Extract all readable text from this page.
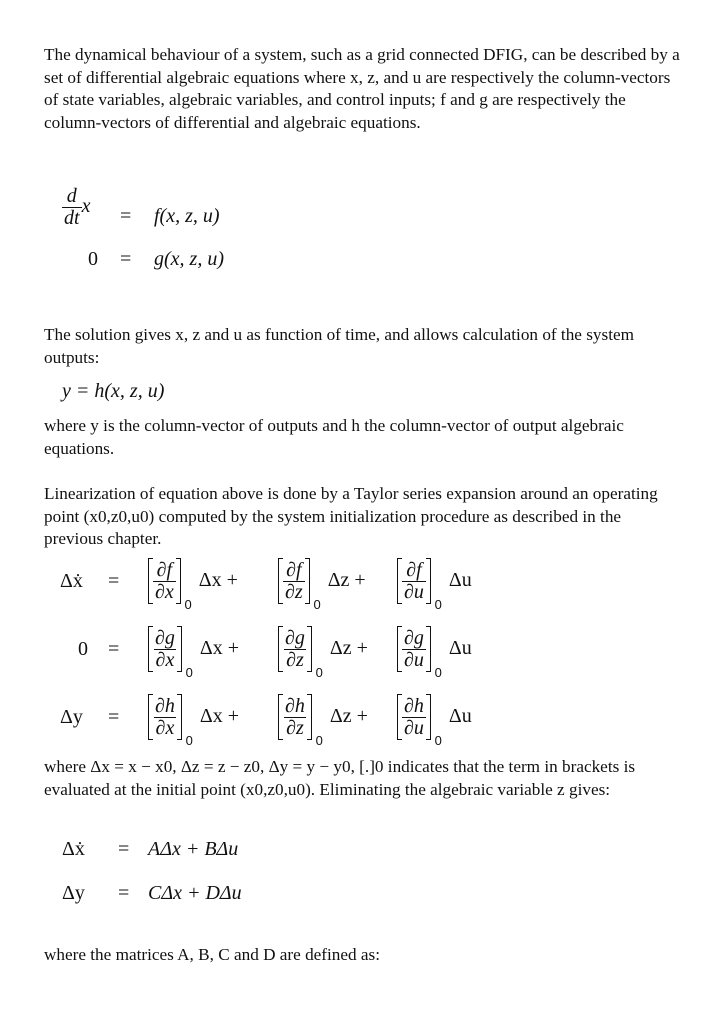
The dynamical behaviour of a system, such as a grid connected DFIG, can be described by a set of differential algebraic equations where x, z, and u are respectively the column-vectors of state variables, algebraic variables, and control inputs; f and g are respectively the column-vectors of differential and algebraic equations.

$\frac{d}{dt}$ x = f(x, z, u)
0 = g(x, z, u)

The solution gives x, z and u as function of time, and allows calculation of the system outputs:

y = h(x, z, u)

where y is the column-vector of outputs and h the column-vector of output algebraic equations.

Linearization of equation above is done by a Taylor series expansion around an operating point (x0,z0,u0) computed by the system initialization procedure as described in the previous chapter.

Δẋ = $\frac{\partial f}{\partial x}$
0
$\Delta x + \frac{\partial f}{\partial z}$
0
$\Delta z + \frac{\partial f}{\partial u}$
0
Δu
$0 = \frac{\partial g}{\partial x}$
0
$\Delta x + \frac{\partial g}{\partial z}$
0
$\Delta z + \frac{\partial g}{\partial u}$
0
Δu
$\Delta y = \frac{\partial h}{\partial x}$
0
$\Delta x + \frac{\partial h}{\partial z}$
0
$\Delta z + \frac{\partial h}{\partial u}$
0
Δu

where Δx = x − x0, Δz = z − z0, Δy = y − y0, [.]0 indicates that the term in brackets is evaluated at the initial point (x0,z0,u0). Eliminating the algebraic variable z gives:

Δẋ = AΔx + BΔu
Δy = CΔx + DΔu

where the matrices A, B, C and D are defined as:
